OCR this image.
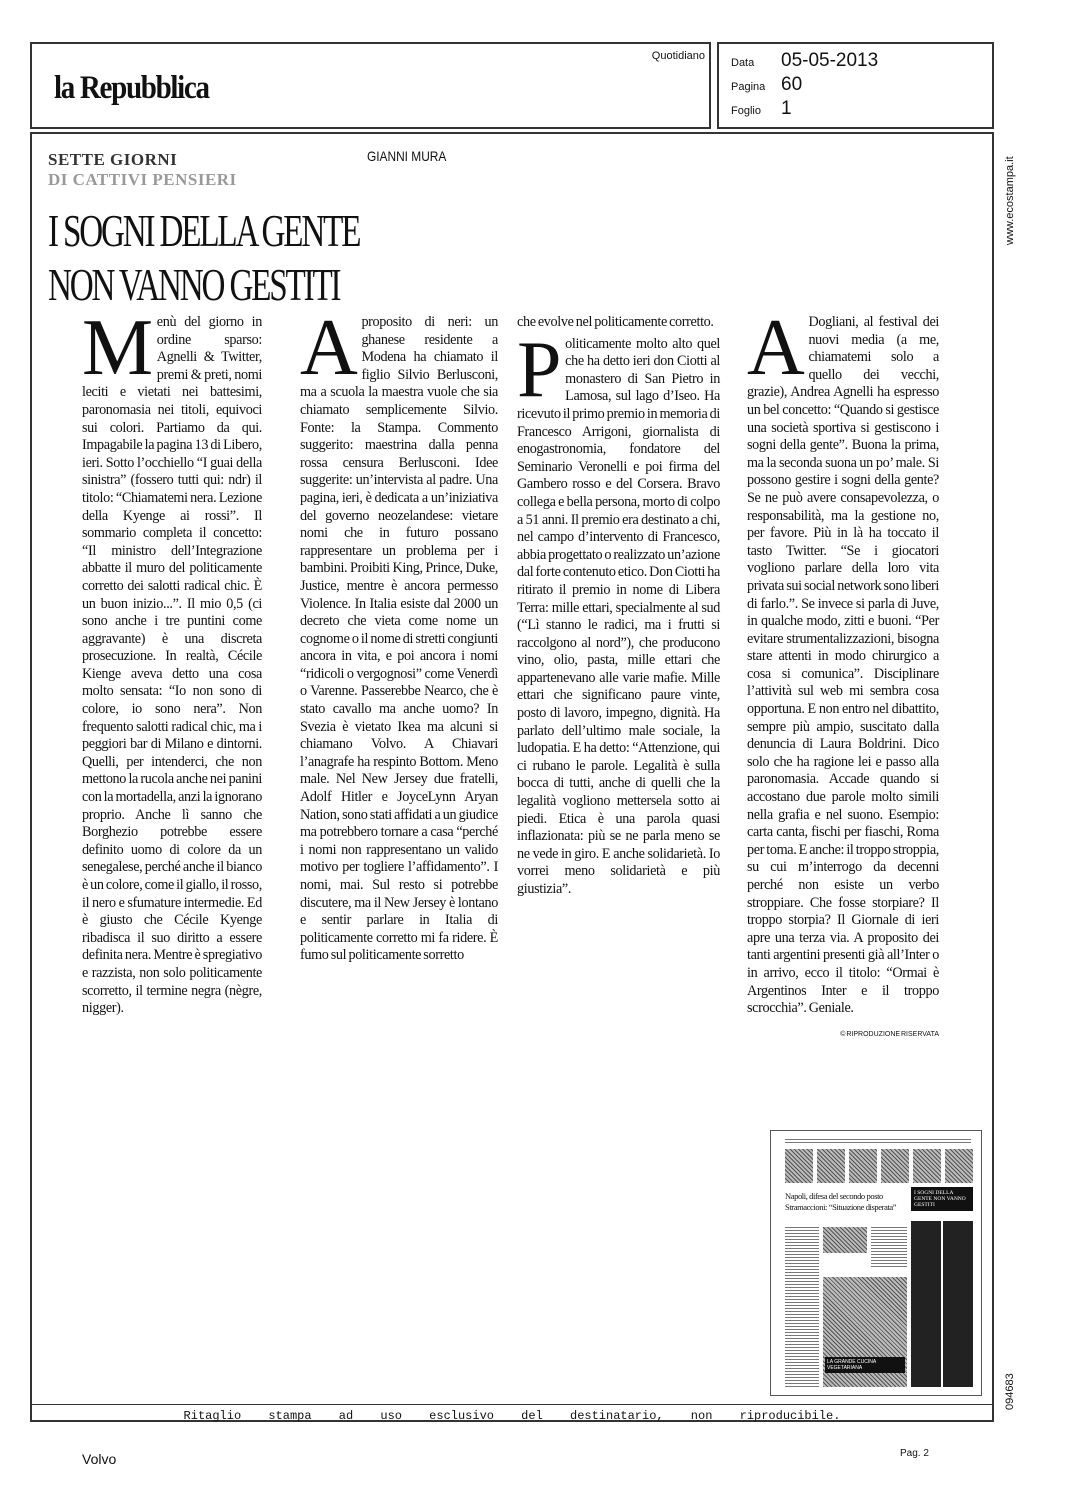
la Repubblica
Quotidiano
Data	05-05-2013
Pagina 60
Foglio	1
SETTE GIORNI
DI CATTIVI PENSIERI
GIANNI MURA
I SOGNI DELLA GENTE
NON VANNO GESTITI

Menù del giorno in ordine sparso: Agnelli & Twitter, premi & preti, nomi leciti e vietati nei battesimi, paronomasia nei titoli, equivoci sui colori. Partiamo da qui. Impagabile la pagina 13 di Libero, ieri. Sotto l’occhiello “I guai della sinistra” (fossero tutti qui: ndr) il titolo: “Chiamatemi nera. Lezione della Kyenge ai rossi”. Il sommario completa il concetto: “Il ministro dell’Integrazione abbatte il muro del politicamente corretto dei salotti radical chic. È un buon inizio...”. Il mio 0,5 (ci sono anche i tre puntini come aggravante) è una discreta prosecuzione. In realtà, Cécile Kienge aveva detto una cosa molto sensata: “Io non sono di colore, io sono nera”. Non frequento salotti radical chic, ma i peggiori bar di Milano e dintorni. Quelli, per intenderci, che non mettono la rucola anche nei panini con la mortadella, anzi la ignorano proprio. Anche lì sanno che Borghezio potrebbe essere definito uomo di colore da un senegalese, perché anche il bianco è un colore, come il giallo, il rosso, il nero e sfumature intermedie. Ed è giusto che Cécile Kyenge ribadisca il suo diritto a essere definita nera. Mentre è spregiativo e razzista, non solo politicamente scorretto, il termine negra (nègre, nigger).

Aproposito di neri: un ghanese residente a Modena ha chiamato il figlio Silvio Berlusconi, ma a scuola la maestra vuole che sia chiamato semplicemente Silvio. Fonte: la Stampa. Commento suggerito: maestrina dalla penna rossa censura Berlusconi. Idee suggerite: un’intervista al padre. Una pagina, ieri, è dedicata a un’iniziativa del governo neozelandese: vietare nomi che in futuro possano rappresentare un problema per i bambini. Proibiti King, Prince, Duke, Justice, mentre è ancora permesso Violence. In Italia esiste dal 2000 un decreto che vieta come nome un cognome o il nome di stretti congiunti ancora in vita, e poi ancora i nomi “ridicoli o vergognosi” come Venerdì o Varenne. Passerebbe Nearco, che è stato cavallo ma anche uomo? In Svezia è vietato Ikea ma alcuni si chiamano Volvo. A Chiavari l’anagrafe ha respinto Bottom. Meno male. Nel New Jersey due fratelli, Adolf Hitler e JoyceLynn Aryan Nation, sono stati affidati a un giudice ma potrebbero tornare a casa “perché i nomi non rappresentano un valido motivo per togliere l’affidamento”. I nomi, mai. Sul resto si potrebbe discutere, ma il New Jersey è lontano e sentir parlare in Italia di politicamente corretto mi fa ridere. È fumo sul politicamente sorretto

che evolve nel politicamente corretto.

Politicamente molto alto quel che ha detto ieri don Ciotti al monastero di San Pietro in Lamosa, sul lago d’Iseo. Ha ricevuto il primo premio in memoria di Francesco Arrigoni, giornalista di enogastronomia, fondatore del Seminario Veronelli e poi firma del Gambero rosso e del Corsera. Bravo collega e bella persona, morto di colpo a 51 anni. Il premio era destinato a chi, nel campo d’intervento di Francesco, abbia progettato o realizzato un’azione dal forte contenuto etico. Don Ciotti ha ritirato il premio in nome di Libera Terra: mille ettari, specialmente al sud (“Lì stanno le radici, ma i frutti si raccolgono al nord”), che producono vino, olio, pasta, mille ettari che appartenevano alle varie mafie. Mille ettari che significano paure vinte, posto di lavoro, impegno, dignità. Ha parlato dell’ultimo male sociale, la ludopatia. E ha detto: “Attenzione, qui ci rubano le parole. Legalità è sulla bocca di tutti, anche di quelli che la legalità vogliono mettersela sotto ai piedi. Etica è una parola quasi inflazionata: più se ne parla meno se ne vede in giro. E anche solidarietà. Io vorrei meno solidarietà e più giustizia”.

A Dogliani, al festival dei nuovi media (a me, chiamatemi solo a quello dei vecchi, grazie), Andrea Agnelli ha espresso un bel concetto: “Quando si gestisce una società sportiva si gestiscono i sogni della gente”. Buona la prima, ma la seconda suona un po’ male. Si possono gestire i sogni della gente? Se ne può avere consapevolezza, o responsabilità, ma la gestione no, per favore. Più in là ha toccato il tasto Twitter. “Se i giocatori vogliono parlare della loro vita privata sui social network sono liberi di farlo.”. Se invece si parla di Juve, in qualche modo, zitti e buoni. “Per evitare strumentalizzazioni, bisogna stare attenti in modo chirurgico a cosa si comunica”. Disciplinare l’attività sul web mi sembra cosa opportuna. E non entro nel dibattito, sempre più ampio, suscitato dalla denuncia di Laura Boldrini. Dico solo che ha ragione lei e passo alla paronomasia. Accade quando si accostano due parole molto simili nella grafia e nel suono. Esempio: carta canta, fischi per fiaschi, Roma per toma. E anche: il troppo stroppia, su cui m’interrogo da decenni perché non esiste un verbo stroppiare. Che fosse storpiare? Il troppo storpia? Il Giornale di ieri apre una terza via. A proposito dei tanti argentini presenti già all’Inter o in arrivo, ecco il titolo: “Ormai è Argentinos Inter e il troppo scrocchia”. Geniale.

© RIPRODUZIONE RISERVATA
Napoli, difesa del secondo posto
Stramaccioni: “Situazione disperata”
I SOGNI DELLA GENTE NON VANNO GESTITI
LA GRANDE CUCINA VEGETARIANA
Ritaglio stampa ad uso esclusivo del destinatario, non riproducibile.
www.ecostampa.it
094683
Volvo	Pag. 2
